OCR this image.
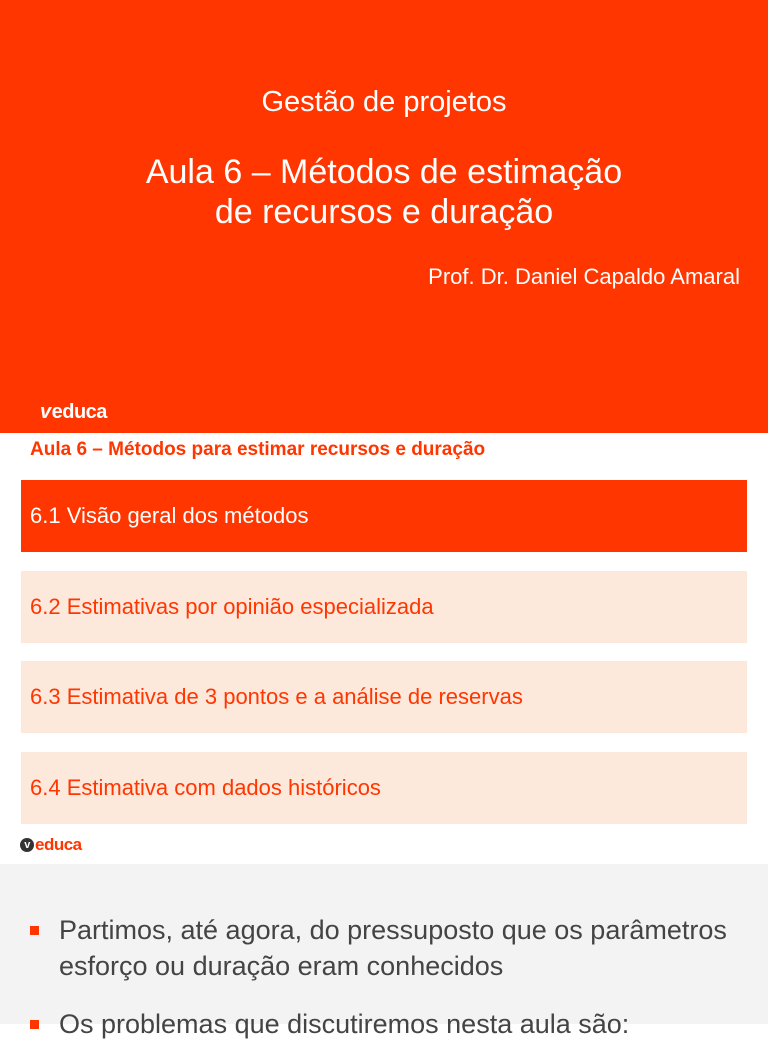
Gestão de projetos
Aula 6 – Métodos de estimação
de recursos e duração
Prof. Dr. Daniel Capaldo Amaral
v educa
Aula 6 – Métodos para estimar recursos e duração
6.1 Visão geral dos métodos
6.2 Estimativas por opinião especializada
6.3 Estimativa de 3 pontos e a análise de reservas
6.4 Estimativa com dados históricos
v educa
Partimos, até agora, do pressuposto que os parâmetros esforço ou duração eram conhecidos
Os problemas que discutiremos nesta aula são:
